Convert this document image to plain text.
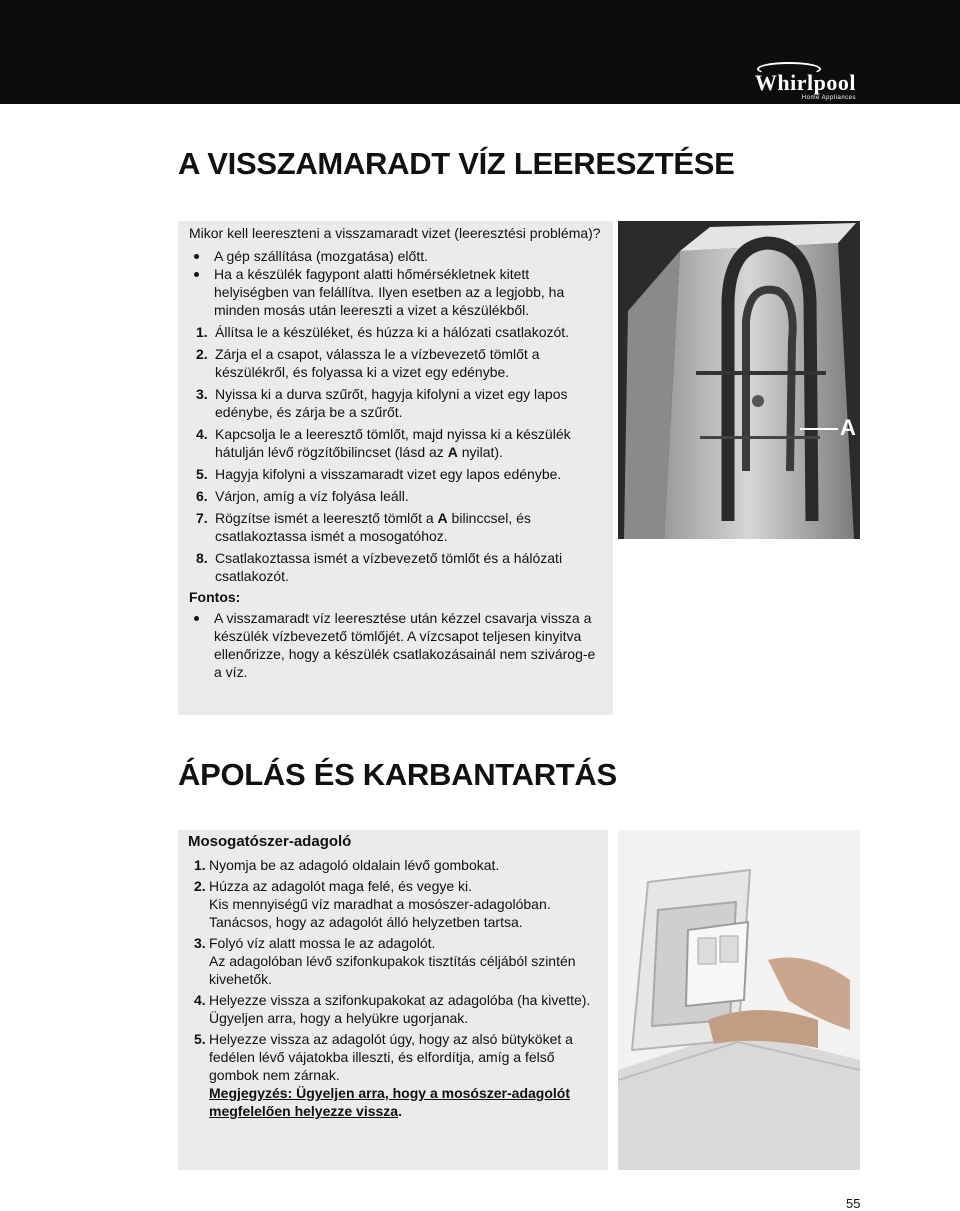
Whirlpool
Home Appliances
A VISSZAMARADT VÍZ LEERESZTÉSE

Mikor kell leereszteni a visszamaradt vizet (leeresztési probléma)?

A gép szállítása (mozgatása) előtt.

Ha a készülék fagypont alatti hőmérsékletnek kitett helyiségben van felállítva. Ilyen esetben az a legjobb, ha minden mosás után leereszti a vizet a készülékből.

1. Állítsa le a készüléket, és húzza ki a hálózati csatlakozót.
2. Zárja el a csapot, válassza le a vízbevezető tömlőt a készülékről, és folyassa ki a vizet egy edénybe.
3. Nyissa ki a durva szűrőt, hagyja kifolyni a vizet egy lapos edénybe, és zárja be a szűrőt.
4. Kapcsolja le a leeresztő tömlőt, majd nyissa ki a készülék hátulján lévő rögzítőbilincset (lásd az A nyilat).
5. Hagyja kifolyni a visszamaradt vizet egy lapos edénybe.
6. Várjon, amíg a víz folyása leáll.
7. Rögzítse ismét a leeresztő tömlőt a A bilinccsel, és csatlakoztassa ismét a mosogatóhoz.
8. Csatlakoztassa ismét a vízbevezető tömlőt és a hálózati csatlakozót.

Fontos:

A visszamaradt víz leeresztése után kézzel csavarja vissza a készülék vízbevezető tömlőjét. A vízcsapot teljesen kinyitva ellenőrizze, hogy a készülék csatlakozásainál nem szivárog-e a víz.

A
ÁPOLÁS ÉS KARBANTARTÁS

Mosogatószer-adagoló

1. Nyomja be az adagoló oldalain lévő gombokat.
2. Húzza az adagolót maga felé, és vegye ki.
Kis mennyiségű víz maradhat a mosószer-adagolóban. Tanácsos, hogy az adagolót álló helyzetben tartsa.
3. Folyó víz alatt mossa le az adagolót.
Az adagolóban lévő szifonkupakok tisztítás céljából szintén kivehetők.
4. Helyezze vissza a szifonkupakokat az adagolóba (ha kivette).
Ügyeljen arra, hogy a helyükre ugorjanak.
5. Helyezze vissza az adagolót úgy, hogy az alsó bütyköket a fedélen lévő vájatokba illeszti, és elfordítja, amíg a felső gombok nem zárnak.
Megjegyzés: Ügyeljen arra, hogy a mosószer-adagolót megfelelően helyezze vissza.
55
